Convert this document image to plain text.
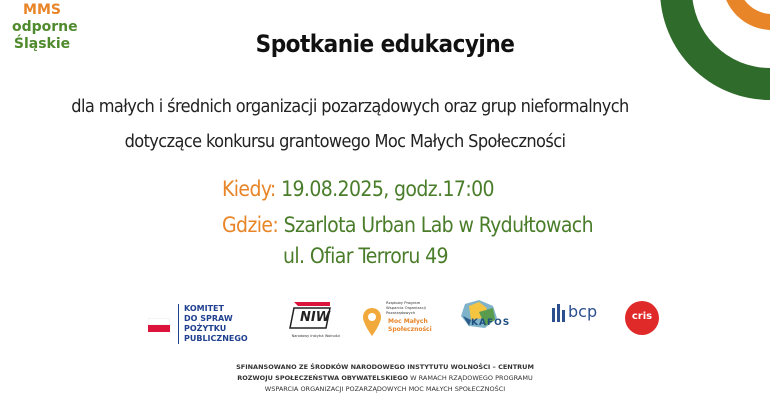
MMS
odporne
Śląskie	Spotkanie edukacyjne
dla małych i średnich organizacji pozarządowych oraz grup nieformalnych
dotyczące konkursu grantowego Moc Małych Społeczności
Kiedy: 19.08.2025, godz.17:00
Gdzie: Szarlota Urban Lab w Rydułtowach
ul. Ofiar Terroru 49
KOMITET
DO SPRAW
POŻYTKU
PUBLICZNEGO
NIW
Narodowy Instytut Wolności
Rządowy Program
Wsparcia Organizacji
Pozarządowych
Moc Małych
Społeczności
KAFOS
bcp	cris
SFINANSOWANO ZE ŚRODKÓW NARODOWEGO INSTYTUTU WOLNOŚCI – CENTRUM
ROZWOJU SPOŁECZEŃSTWA OBYWATELSKIEGO W RAMACH RZĄDOWEGO PROGRAMU
WSPARCIA ORGANIZACJI POZARZĄDOWYCH MOC MAŁYCH SPOŁECZNOŚCI
